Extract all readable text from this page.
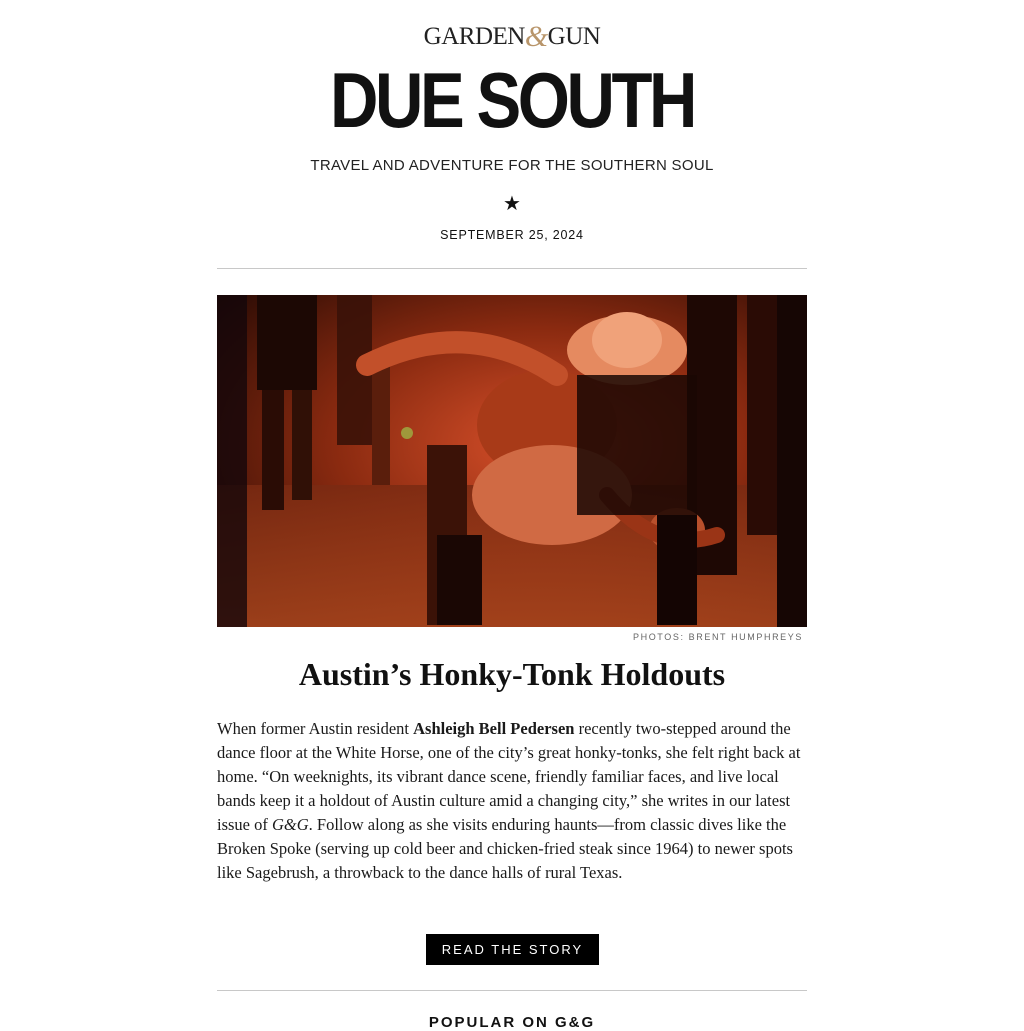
GARDEN&GUN
DUE SOUTH
TRAVEL AND ADVENTURE FOR THE SOUTHERN SOUL
★
SEPTEMBER 25, 2024
PHOTOS: BRENT HUMPHREYS
Austin’s Honky-Tonk Holdouts
When former Austin resident Ashleigh Bell Pedersen recently two-stepped around the dance floor at the White Horse, one of the city’s great honky-tonks, she felt right back at home. “On weeknights, its vibrant dance scene, friendly familiar faces, and live local bands keep it a holdout of Austin culture amid a changing city,” she writes in our latest issue of G&G. Follow along as she visits enduring haunts—from classic dives like the Broken Spoke (serving up cold beer and chicken-fried steak since 1964) to newer spots like Sagebrush, a throwback to the dance halls of rural Texas.
READ THE STORY
POPULAR ON G&G
